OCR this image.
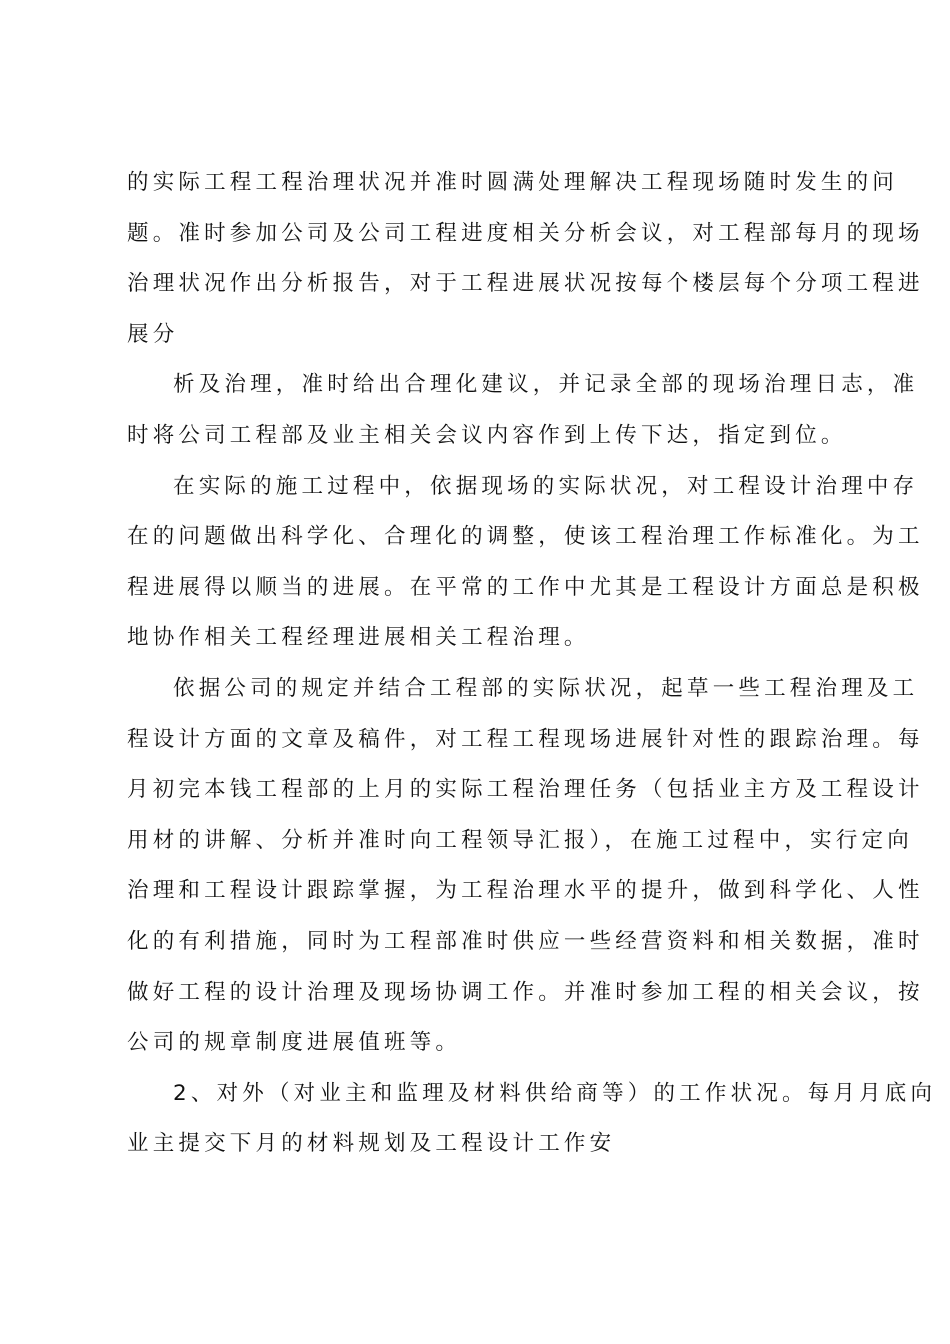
的实际工程工程治理状况并准时圆满处理解决工程现场随时发生的问
题。准时参加公司及公司工程进度相关分析会议，对工程部每月的现场
治理状况作出分析报告，对于工程进展状况按每个楼层每个分项工程进
展分
析及治理，准时给出合理化建议，并记录全部的现场治理日志，准
时将公司工程部及业主相关会议内容作到上传下达，指定到位。
在实际的施工过程中，依据现场的实际状况，对工程设计治理中存
在的问题做出科学化、合理化的调整，使该工程治理工作标准化。为工
程进展得以顺当的进展。在平常的工作中尤其是工程设计方面总是积极
地协作相关工程经理进展相关工程治理。
依据公司的规定并结合工程部的实际状况，起草一些工程治理及工
程设计方面的文章及稿件，对工程工程现场进展针对性的跟踪治理。每
月初完本钱工程部的上月的实际工程治理任务（包括业主方及工程设计
用材的讲解、分析并准时向工程领导汇报），在施工过程中，实行定向
治理和工程设计跟踪掌握，为工程治理水平的提升，做到科学化、人性
化的有利措施，同时为工程部准时供应一些经营资料和相关数据，准时
做好工程的设计治理及现场协调工作。并准时参加工程的相关会议，按
公司的规章制度进展值班等。
2、对外（对业主和监理及材料供给商等）的工作状况。每月月底向
业主提交下月的材料规划及工程设计工作安
